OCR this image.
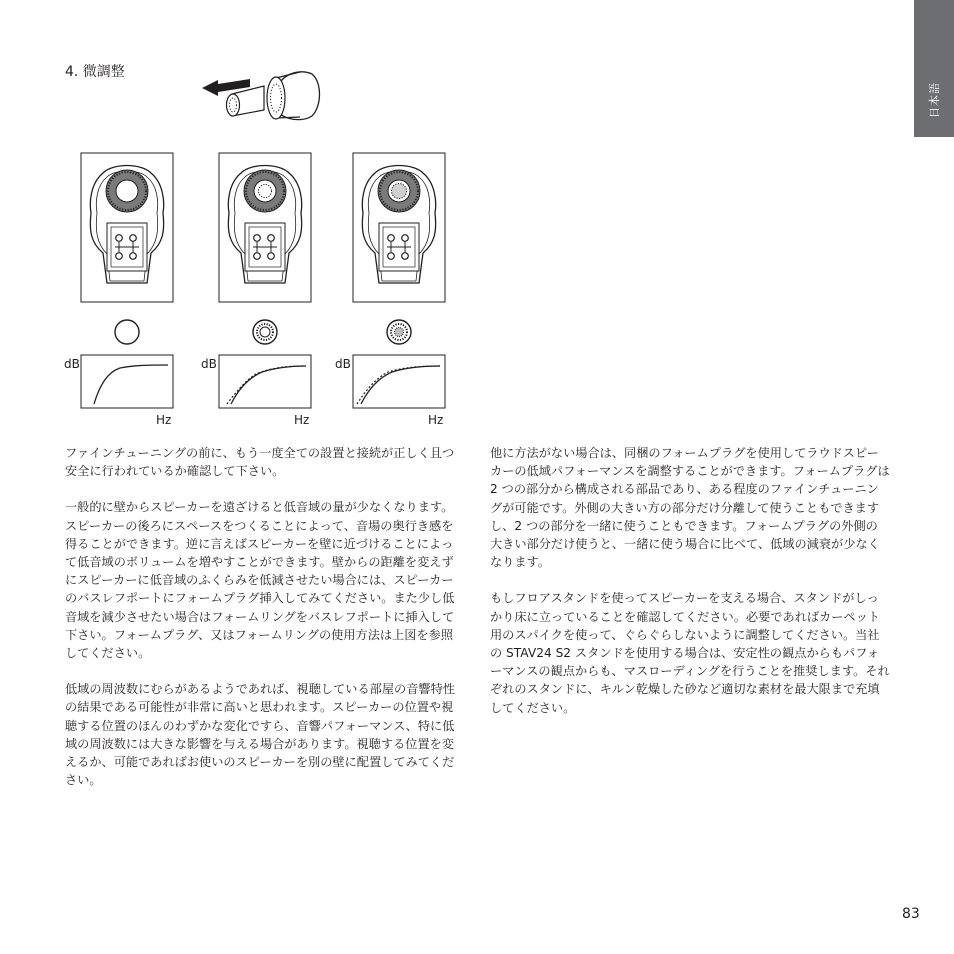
日本語
4. 微調整
dB
Hz
dB
Hz
dB
Hz

ファインチューニングの前に、もう一度全ての設置と接続が正しく且つ安全に行われているか確認して下さい。

一般的に壁からスピーカーを遠ざけると低音域の量が少なくなります。スピーカーの後ろにスペースをつくることによって、音場の奥行き感を得ることができます。逆に言えばスピーカーを壁に近づけることによって低音域のボリュームを増やすことができます。壁からの距離を変えずにスピーカーに低音域のふくらみを低減させたい場合には、スピーカーのバスレフポートにフォームプラグ挿入してみてください。また少し低音域を減少させたい場合はフォームリングをバスレフポートに挿入して下さい。フォームプラグ、又はフォームリングの使用方法は上図を参照してください。

低域の周波数にむらがあるようであれば、視聴している部屋の音響特性の結果である可能性が非常に高いと思われます。スピーカーの位置や視聴する位置のほんのわずかな変化ですら、音響パフォーマンス、特に低域の周波数には大きな影響を与える場合があります。視聴する位置を変えるか、可能であればお使いのスピーカーを別の壁に配置してみてください。

他に方法がない場合は、同梱のフォームプラグを使用してラウドスピーカーの低域パフォーマンスを調整することができます。フォームプラグは 2 つの部分から構成される部品であり、ある程度のファインチューニングが可能です。外側の大きい方の部分だけ分離して使うこともできますし、2 つの部分を一緒に使うこともできます。フォームプラグの外側の大きい部分だけ使うと、一緒に使う場合に比べて、低域の減衰が少なくなります。

もしフロアスタンドを使ってスピーカーを支える場合、スタンドがしっかり床に立っていることを確認してください。必要であればカーペット用のスパイクを使って、ぐらぐらしないように調整してください。当社の STAV24 S2 スタンドを使用する場合は、安定性の観点からもパフォーマンスの観点からも、マスローディングを行うことを推奨します。それぞれのスタンドに、キルン乾燥した砂など適切な素材を最大限まで充填してください。

83
